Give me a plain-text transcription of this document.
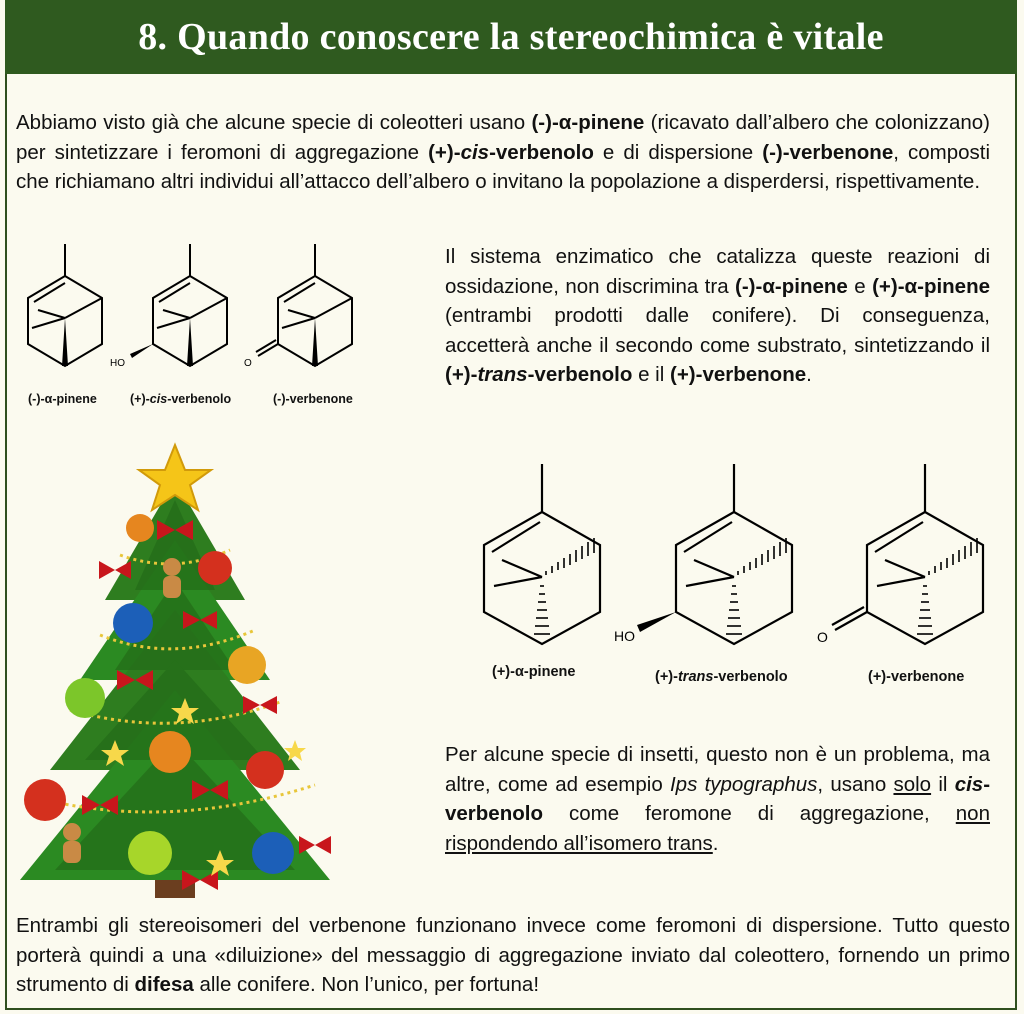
8. Quando conoscere la stereochimica è vitale
Abbiamo visto già che alcune specie di coleotteri usano (-)-α-pinene (ricavato dall’albero che colonizzano) per sintetizzare i feromoni di aggregazione (+)-cis-verbenolo e di dispersione (-)-verbenone, composti che richiamano altri individui all’attacco dell’albero o invitano la popolazione a disperdersi, rispettivamente.
HO	O
(-)-α-pinene	(+)-cis-verbenolo	(-)-verbenone
Il sistema enzimatico che catalizza queste reazioni di ossidazione, non discrimina tra (-)-α-pinene e (+)-α-pinene (entrambi prodotti dalle conifere). Di conseguenza, accetterà anche il secondo come substrato, sintetizzando il (+)-trans-verbenolo e il (+)-verbenone.
HO	O
(+)-α-pinene	(+)-trans-verbenolo	(+)-verbenone
Per alcune specie di insetti, questo non è un problema, ma altre, come ad esempio Ips typographus, usano solo il cis-verbenolo come feromone di aggregazione, non rispondendo all’isomero trans.
Entrambi gli stereoisomeri del verbenone funzionano invece come feromoni di dispersione. Tutto questo porterà quindi a una «diluizione» del messaggio di aggregazione inviato dal coleottero, fornendo un primo strumento di difesa alle conifere. Non l’unico, per fortuna!
